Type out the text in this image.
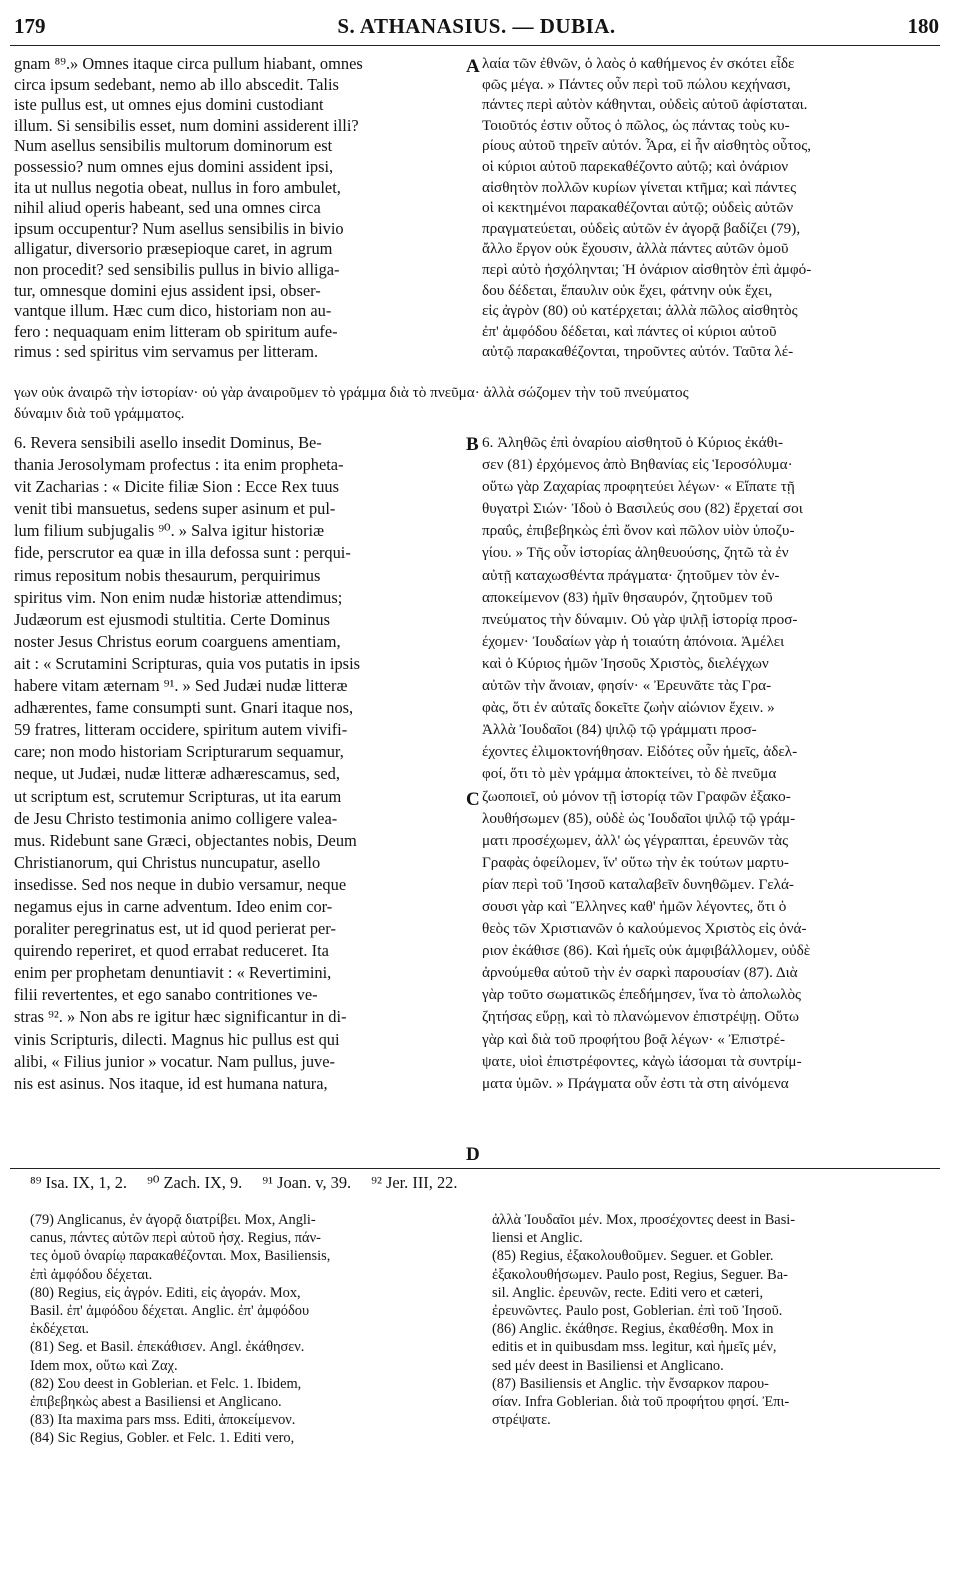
179	S. ATHANASIUS. — DUBIA.	180
gnam ⁸⁹.» Omnes itaque circa pullum hiabant, omnes
circa ipsum sedebant, nemo ab illo abscedit. Talis
iste pullus est, ut omnes ejus domini custodiant
illum. Si sensibilis esset, num domini assiderent illi?
Num asellus sensibilis multorum dominorum est
possessio? num omnes ejus domini assident ipsi,
ita ut nullus negotia obeat, nullus in foro ambulet,
nihil aliud operis habeant, sed una omnes circa
ipsum occupentur? Num asellus sensibilis in bivio
alligatur, diversorio præsepioque caret, in agrum
non procedit? sed sensibilis pullus in bivio alliga-
tur, omnesque domini ejus assident ipsi, obser-
vantque illum. Hæc cum dico, historiam non au-
fero : nequaquam enim litteram ob spiritum aufe-
rimus : sed spiritus vim servamus per litteram.
λαία τῶν ἐθνῶν, ὁ λαὸς ὁ καθήμενος ἐν σκότει εἶδε
φῶς μέγα. » Πάντες οὖν περὶ τοῦ πώλου κεχήνασι,
πάντες περὶ αὐτὸν κάθηνται, οὐδεὶς αὐτοῦ ἀφίσταται.
Τοιοῦτός ἐστιν οὗτος ὁ πῶλος, ὡς πάντας τοὺς κυ-
ρίους αὐτοῦ τηρεῖν αὐτόν. Ἆρα, εἰ ἦν αἰσθητὸς οὗτος,
οἱ κύριοι αὐτοῦ παρεκαθέζοντο αὐτῷ; καὶ ὀνάριον
αἰσθητὸν πολλῶν κυρίων γίνεται κτῆμα; καὶ πάντες
οἱ κεκτημένοι παρακαθέζονται αὐτῷ; οὐδεὶς αὐτῶν
πραγματεύεται, οὐδεὶς αὐτῶν ἐν ἀγορᾷ βαδίζει (79),
ἄλλο ἔργον οὐκ ἔχουσιν, ἀλλὰ πάντες αὐτῶν ὁμοῦ
περὶ αὐτὸ ἠσχόληνται; Ἡ ὀνάριον αἰσθητὸν ἐπὶ ἀμφό-
δου δέδεται, ἔπαυλιν οὐκ ἔχει, φάτνην οὐκ ἔχει,
εἰς ἀγρὸν (80) οὐ κατέρχεται; ἀλλὰ πῶλος αἰσθητὸς
ἐπ' ἀμφόδου δέδεται, καὶ πάντες οἱ κύριοι αὐτοῦ
αὐτῷ παρακαθέζονται, τηροῦντες αὐτόν. Ταῦτα λέ-
γων οὐκ ἀναιρῶ τὴν ἱστορίαν· οὐ γὰρ ἀναιροῦμεν τὸ γράμμα διὰ τὸ πνεῦμα· ἀλλὰ σώζομεν τὴν τοῦ πνεύματος
δύναμιν διὰ τοῦ γράμματος.
6. Revera sensibili asello insedit Dominus, Be-
thania Jerosolymam profectus : ita enim propheta-
vit Zacharias : « Dicite filiæ Sion : Ecce Rex tuus
venit tibi mansuetus, sedens super asinum et pul-
lum filium subjugalis ⁹⁰. » Salva igitur historiæ
fide, perscrutor ea quæ in illa defossa sunt : perqui-
rimus repositum nobis thesaurum, perquirimus
spiritus vim. Non enim nudæ historiæ attendimus;
Judæorum est ejusmodi stultitia. Certe Dominus
noster Jesus Christus eorum coarguens amentiam,
ait : « Scrutamini Scripturas, quia vos putatis in ipsis
habere vitam æternam ⁹¹. » Sed Judæi nudæ litteræ
adhærentes, fame consumpti sunt. Gnari itaque nos,
59 fratres, litteram occidere, spiritum autem vivifi-
care; non modo historiam Scripturarum sequamur,
neque, ut Judæi, nudæ litteræ adhærescamus, sed,
ut scriptum est, scrutemur Scripturas, ut ita earum
de Jesu Christo testimonia animo colligere valea-
mus. Ridebunt sane Græci, objectantes nobis, Deum
Christianorum, qui Christus nuncupatur, asello
insedisse. Sed nos neque in dubio versamur, neque
negamus ejus in carne adventum. Ideo enim cor-
poraliter peregrinatus est, ut id quod perierat per-
quirendo reperiret, et quod errabat reduceret. Ita
enim per prophetam denuntiavit : « Revertimini,
filii revertentes, et ego sanabo contritiones ve-
stras ⁹². » Non abs re igitur hæc significantur in di-
vinis Scripturis, dilecti. Magnus hic pullus est qui
alibi, « Filius junior » vocatur. Nam pullus, juve-
nis est asinus. Nos itaque, id est humana natura,
6. Ἀληθῶς ἐπὶ ὀναρίου αἰσθητοῦ ὁ Κύριος ἐκάθι-
σεν (81) ἐρχόμενος ἀπὸ Βηθανίας εἰς Ἱεροσόλυμα·
οὕτω γὰρ Ζαχαρίας προφητεύει λέγων· « Εἴπατε τῇ
θυγατρὶ Σιών· Ἰδοὺ ὁ Βασιλεύς σου (82) ἔρχεταί σοι
πραΰς, ἐπιβεβηκὼς ἐπὶ ὄνον καὶ πῶλον υἱὸν ὑποζυ-
γίου. » Τῆς οὖν ἱστορίας ἀληθευούσης, ζητῶ τὰ ἐν
αὐτῇ καταχωσθέντα πράγματα· ζητοῦμεν τὸν ἐν-
αποκείμενον (83) ἡμῖν θησαυρόν, ζητοῦμεν τοῦ
πνεύματος τὴν δύναμιν. Οὐ γὰρ ψιλῇ ἱστορίᾳ προσ-
έχομεν· Ἰουδαίων γὰρ ἡ τοιαύτη ἀπόνοια. Ἀμέλει
καὶ ὁ Κύριος ἡμῶν Ἰησοῦς Χριστὸς, διελέγχων
αὐτῶν τὴν ἄνοιαν, φησίν· « Ἐρευνᾶτε τὰς Γρα-
φὰς, ὅτι ἐν αὐταῖς δοκεῖτε ζωὴν αἰώνιον ἔχειν. »
Ἀλλὰ Ἰουδαῖοι (84) ψιλῷ τῷ γράμματι προσ-
έχοντες ἐλιμοκτονήθησαν. Εἰδότες οὖν ἡμεῖς, ἀδελ-
φοί, ὅτι τὸ μὲν γράμμα ἀποκτείνει, τὸ δὲ πνεῦμα
ζωοποιεῖ, οὐ μόνον τῇ ἱστορίᾳ τῶν Γραφῶν ἐξακο-
λουθήσωμεν (85), οὐδὲ ὡς Ἰουδαῖοι ψιλῷ τῷ γράμ-
ματι προσέχωμεν, ἀλλ' ὡς γέγραπται, ἐρευνῶν τὰς
Γραφὰς ὀφείλομεν, ἵν' οὕτω τὴν ἐκ τούτων μαρτυ-
ρίαν περὶ τοῦ Ἰησοῦ καταλαβεῖν δυνηθῶμεν. Γελά-
σουσι γὰρ καὶ Ἕλληνες καθ' ἡμῶν λέγοντες, ὅτι ὁ
θεὸς τῶν Χριστιανῶν ὁ καλούμενος Χριστὸς εἰς ὀνά-
ριον ἐκάθισε (86). Καὶ ἡμεῖς οὐκ ἀμφιβάλλομεν, οὐδὲ
ἀρνούμεθα αὐτοῦ τὴν ἐν σαρκὶ παρουσίαν (87). Διὰ
γὰρ τοῦτο σωματικῶς ἐπεδήμησεν, ἵνα τὸ ἀπολωλὸς
ζητήσας εὕρῃ, καὶ τὸ πλανώμενον ἐπιστρέψῃ. Οὕτω
γὰρ καὶ διὰ τοῦ προφήτου βοᾷ λέγων· « Ἐπιστρέ-
ψατε, υἱοὶ ἐπιστρέφοντες, κἀγὼ ἰάσομαι τὰ συντρίμ-
ματα ὑμῶν. » Πράγματα οὖν ἐστι τὰ στη αἰνόμενα
A
B
C
D
⁸⁹ Isa. IX, 1, 2. ⁹⁰ Zach. IX, 9. ⁹¹ Joan. v, 39. ⁹² Jer. III, 22.
(79) Anglicanus, ἐν ἀγορᾷ διατρίβει. Mox, Angli-
canus, πάντες αὐτῶν περὶ αὐτοῦ ἠσχ. Regius, πάν-
τες ὁμοῦ ὀναρίῳ παρακαθέζονται. Mox, Basiliensis,
ἐπὶ ἀμφόδου δέχεται.
(80) Regius, εἰς ἀγρόν. Editi, εἰς ἀγοράν. Mox,
Basil. ἐπ' ἀμφόδου δέχεται. Anglic. ἐπ' ἀμφόδου
ἐκδέχεται.
(81) Seg. et Basil. ἐπεκάθισεν. Angl. ἐκάθησεν.
Idem mox, οὕτω καὶ Ζαχ.
(82) Σου deest in Goblerian. et Felc. 1. Ibidem,
ἐπιβεβηκὼς abest a Basiliensi et Anglicano.
(83) Ita maxima pars mss. Editi, ἀποκείμενον.
(84) Sic Regius, Gobler. et Felc. 1. Editi vero,
ἀλλὰ Ἰουδαῖοι μέν. Mox, προσέχοντες deest in Basi-
liensi et Anglic.
(85) Regius, ἐξακολουθοῦμεν. Seguer. et Gobler.
ἐξακολουθήσωμεν. Paulo post, Regius, Seguer. Ba-
sil. Anglic. ἐρευνῶν, recte. Editi vero et cæteri,
ἐρευνῶντες. Paulo post, Goblerian. ἐπὶ τοῦ Ἰησοῦ.
(86) Anglic. ἐκάθησε. Regius, ἐκαθέσθη. Mox in
editis et in quibusdam mss. legitur, καὶ ἡμεῖς μέν,
sed μέν deest in Basiliensi et Anglicano.
(87) Basiliensis et Anglic. τὴν ἔνσαρκον παρου-
σίαν. Infra Goblerian. διὰ τοῦ προφήτου φησί. Ἐπι-
στρέψατε.
